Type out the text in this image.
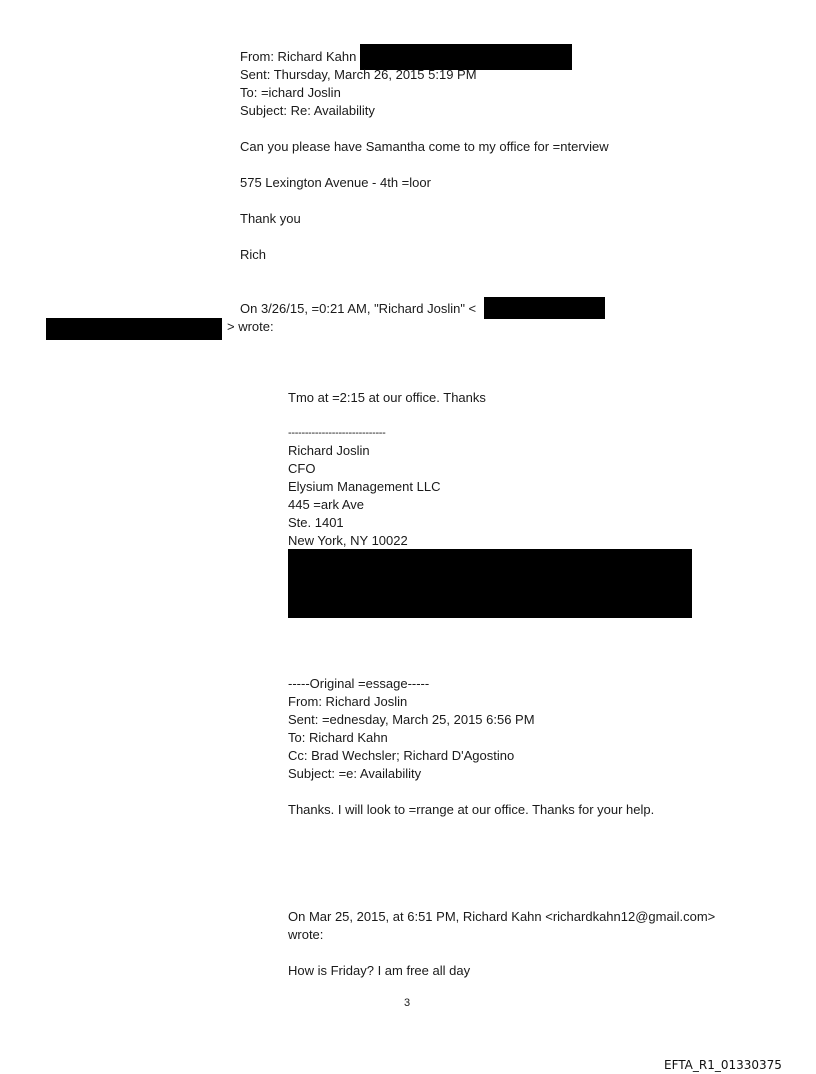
From: Richard Kahn
Sent: Thursday, March 26, 2015 5:19 PM
To: =ichard Joslin
Subject: Re: Availability
Can you please have Samantha come to my office for =nterview
575 Lexington Avenue - 4th =loor
Thank you
Rich
On 3/26/15, =0:21 AM, "Richard Joslin" <
> wrote:
Tmo at =2:15 at our office. Thanks
-----------------------------
Richard Joslin
CFO
Elysium Management LLC
445 =ark Ave
Ste. 1401
New York, NY 10022
-----Original =essage-----
From: Richard Joslin
Sent: =ednesday, March 25, 2015 6:56 PM
To: Richard Kahn
Cc: Brad Wechsler; Richard D'Agostino
Subject: =e: Availability
Thanks. I will look to =rrange at our office. Thanks for your help.
On Mar 25, 2015, at 6:51 PM, Richard Kahn <richardkahn12@gmail.com>
wrote:
How is Friday? I am free all day
3
EFTA_R1_01330375
